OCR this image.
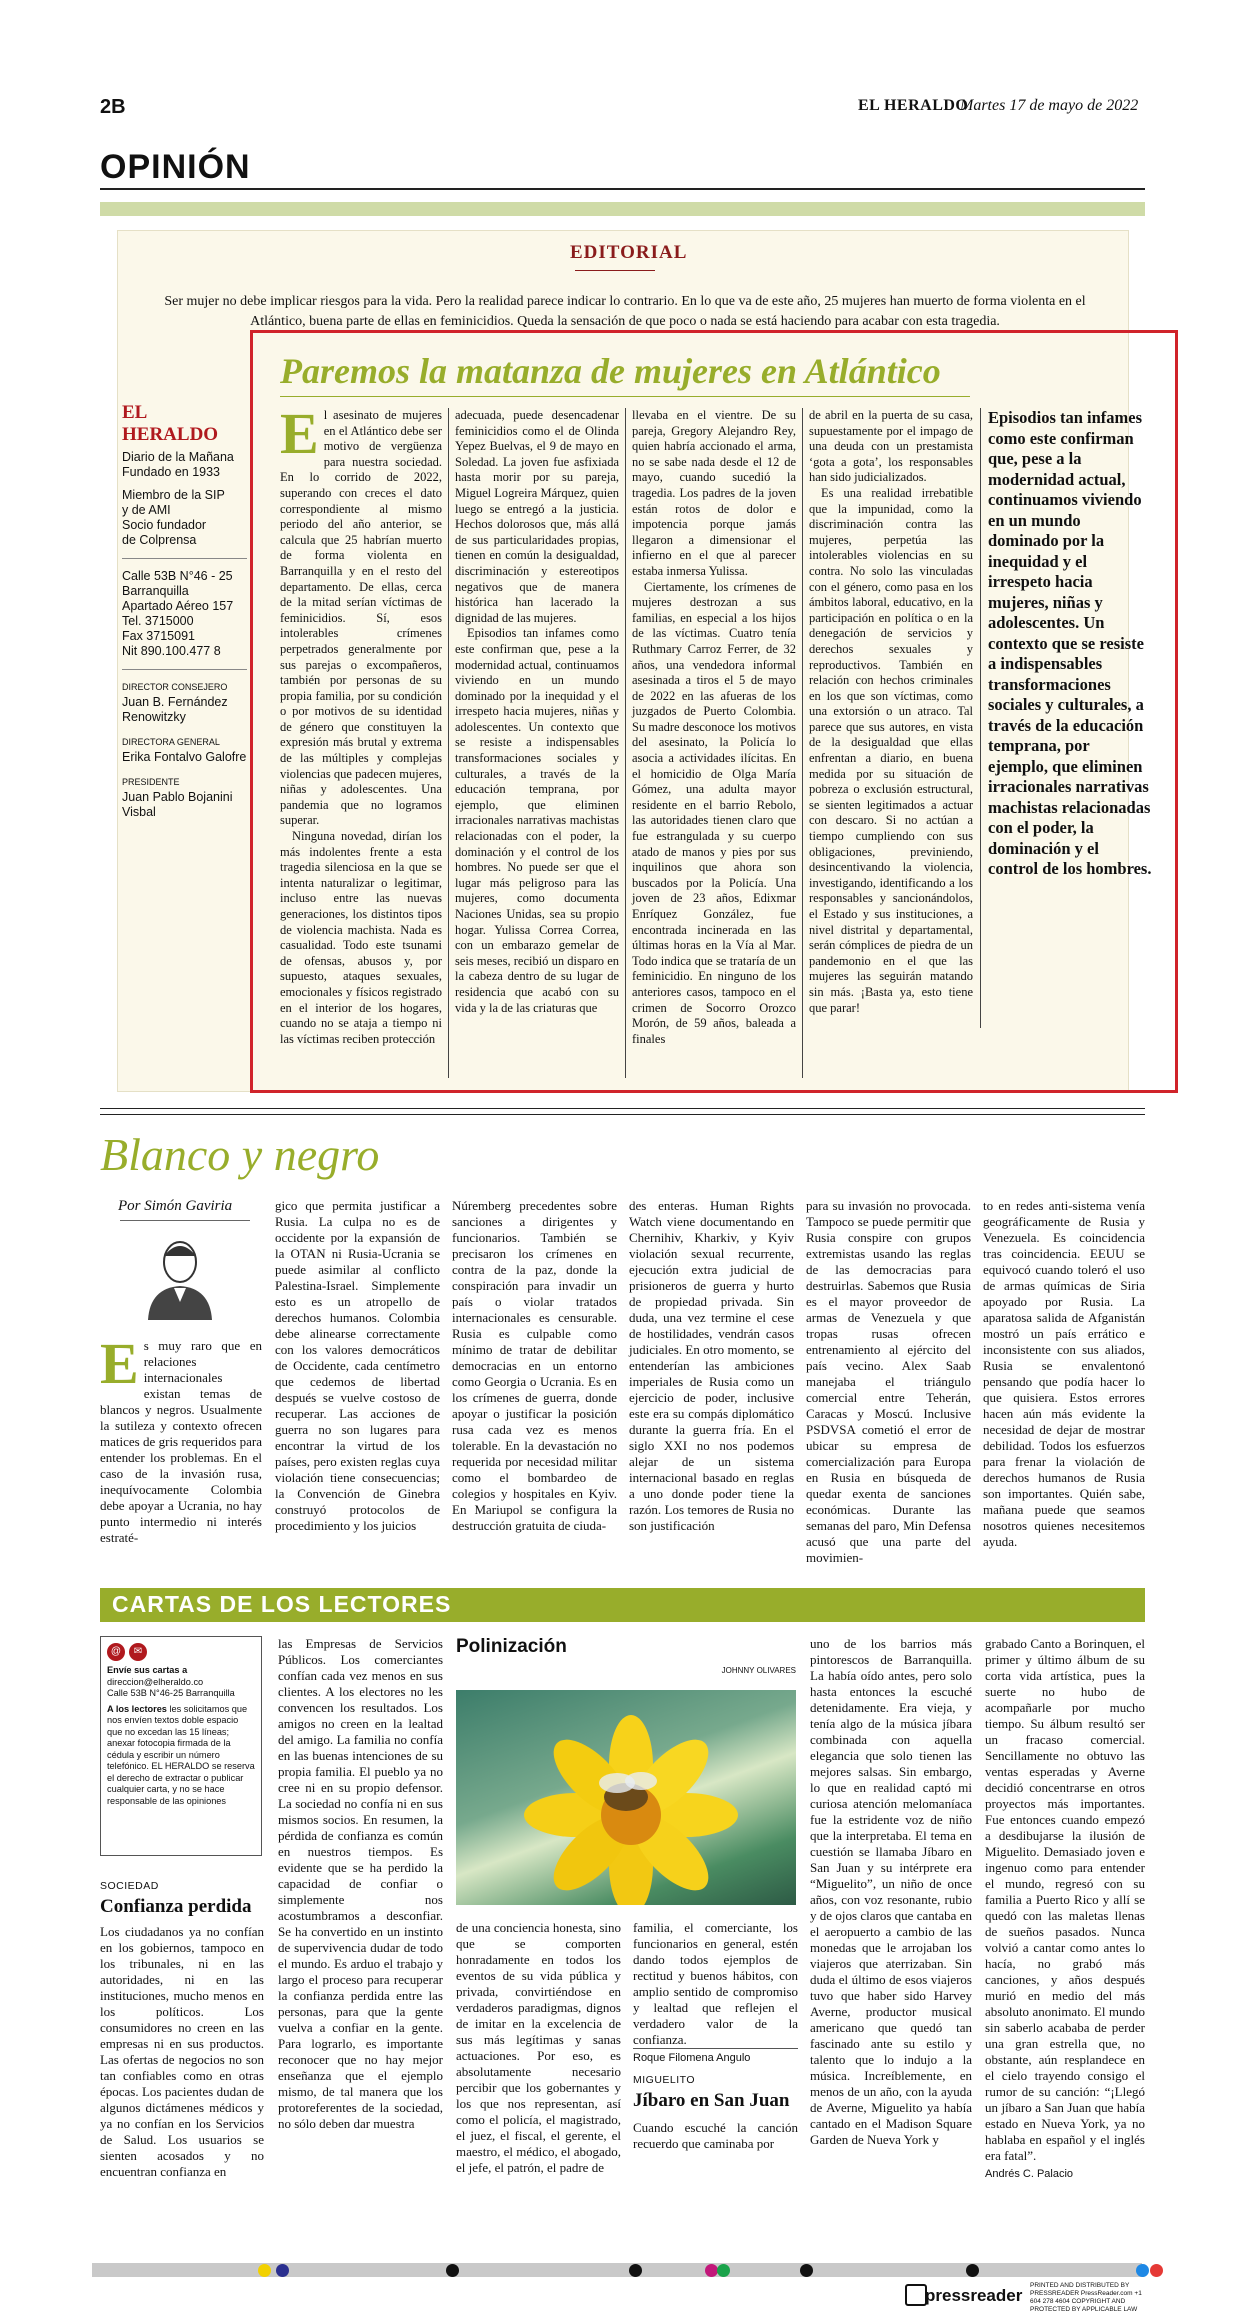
2B	EL HERALDO
Martes 17 de mayo de 2022
OPINIÓN
EDITORIAL
Ser mujer no debe implicar riesgos para la vida. Pero la realidad parece indicar lo contrario. En lo que va de este año, 25 mujeres han muerto de forma violenta en el Atlántico, buena parte de ellas en feminicidios. Queda la sensación de que poco o nada se está haciendo para acabar con esta tragedia.
Paremos la matanza de mujeres en Atlántico
EL HERALDO
Diario de la Mañana
Fundado en 1933
Miembro de la SIP
y de AMI
Socio fundador
de Colprensa
Calle 53B N°46 - 25
Barranquilla
Apartado Aéreo 157
Tel. 3715000
Fax 3715091
Nit 890.100.477 8
DIRECTOR CONSEJERO
Juan B. Fernández Renowitzky
DIRECTORA GENERAL
Erika Fontalvo Galofre
PRESIDENTE
Juan Pablo Bojanini Visbal

El asesinato de mujeres en el Atlántico debe ser motivo de vergüenza para nuestra sociedad. En lo corrido de 2022, superando con creces el dato correspondiente al mismo periodo del año anterior, se calcula que 25 habrían muerto de forma violenta en Barranquilla y en el resto del departamento. De ellas, cerca de la mitad serían víctimas de feminicidios. Sí, esos intolerables crímenes perpetrados generalmente por sus parejas o excompañeros, también por personas de su propia familia, por su condición o por motivos de su identidad de género que constituyen la expresión más brutal y extrema de las múltiples y complejas violencias que padecen mujeres, niñas y adolescentes. Una pandemia que no logramos superar.

Ninguna novedad, dirían los más indolentes frente a esta tragedia silenciosa en la que se intenta naturalizar o legitimar, incluso entre las nuevas generaciones, los distintos tipos de violencia machista. Nada es casualidad. Todo este tsunami de ofensas, abusos y, por supuesto, ataques sexuales, emocionales y físicos registrado en el interior de los hogares, cuando no se ataja a tiempo ni las víctimas reciben protección

adecuada, puede desencadenar feminicidios como el de Olinda Yepez Buelvas, el 9 de mayo en Soledad. La joven fue asfixiada hasta morir por su pareja, Miguel Logreira Márquez, quien luego se entregó a la justicia. Hechos dolorosos que, más allá de sus particularidades propias, tienen en común la desigualdad, discriminación y estereotipos negativos que de manera histórica han lacerado la dignidad de las mujeres.

Episodios tan infames como este confirman que, pese a la modernidad actual, continuamos viviendo en un mundo dominado por la inequidad y el irrespeto hacia mujeres, niñas y adolescentes. Un contexto que se resiste a indispensables transformaciones sociales y culturales, a través de la educación temprana, por ejemplo, que eliminen irracionales narrativas machistas relacionadas con el poder, la dominación y el control de los hombres. No puede ser que el lugar más peligroso para las mujeres, como documenta Naciones Unidas, sea su propio hogar. Yulissa Correa Correa, con un embarazo gemelar de seis meses, recibió un disparo en la cabeza dentro de su lugar de residencia que acabó con su vida y la de las criaturas que

llevaba en el vientre. De su pareja, Gregory Alejandro Rey, quien habría accionado el arma, no se sabe nada desde el 12 de mayo, cuando sucedió la tragedia. Los padres de la joven están rotos de dolor e impotencia porque jamás llegaron a dimensionar el infierno en el que al parecer estaba inmersa Yulissa.

Ciertamente, los crímenes de mujeres destrozan a sus familias, en especial a los hijos de las víctimas. Cuatro tenía Ruthmary Carroz Ferrer, de 32 años, una vendedora informal asesinada a tiros el 5 de mayo de 2022 en las afueras de los juzgados de Puerto Colombia. Su madre desconoce los motivos del asesinato, la Policía lo asocia a actividades ilícitas. En el homicidio de Olga María Gómez, una adulta mayor residente en el barrio Rebolo, las autoridades tienen claro que fue estrangulada y su cuerpo atado de manos y pies por sus inquilinos que ahora son buscados por la Policía. Una joven de 23 años, Edixmar Enríquez González, fue encontrada incinerada en las últimas horas en la Vía al Mar. Todo indica que se trataría de un feminicidio. En ninguno de los anteriores casos, tampoco en el crimen de Socorro Orozco Morón, de 59 años, baleada a finales

de abril en la puerta de su casa, supuestamente por el impago de una deuda con un prestamista ‘gota a gota’, los responsables han sido judicializados.

Es una realidad irrebatible que la impunidad, como la discriminación contra las mujeres, perpetúa las intolerables violencias en su contra. No solo las vinculadas con el género, como pasa en los ámbitos laboral, educativo, en la participación en política o en la denegación de servicios y derechos sexuales y reproductivos. También en relación con hechos criminales en los que son víctimas, como una extorsión o un atraco. Tal parece que sus autores, en vista de la desigualdad que ellas enfrentan a diario, en buena medida por su situación de pobreza o exclusión estructural, se sienten legitimados a actuar con descaro. Si no actúan a tiempo cumpliendo con sus obligaciones, previniendo, desincentivando la violencia, investigando, identificando a los responsables y sancionándolos, el Estado y sus instituciones, a nivel distrital y departamental, serán cómplices de piedra de un pandemonio en el que las mujeres las seguirán matando sin más. ¡Basta ya, esto tiene que parar!

Episodios tan infames como este confirman que, pese a la modernidad actual, continuamos viviendo en un mundo dominado por la inequidad y el irrespeto hacia mujeres, niñas y adolescentes. Un contexto que se resiste a indispensables transformaciones sociales y culturales, a través de la educación temprana, por ejemplo, que eliminen irracionales narrativas machistas relacionadas con el poder, la dominación y el control de los hombres.
Blanco y negro
Por Simón Gaviria

Es muy raro que en relaciones internacionales existan temas de blancos y negros. Usualmente la sutileza y contexto ofrecen matices de gris requeridos para entender los problemas. En el caso de la invasión rusa, inequívocamente Colombia debe apoyar a Ucrania, no hay punto intermedio ni interés estraté-

gico que permita justificar a Rusia. La culpa no es de occidente por la expansión de la OTAN ni Rusia-Ucrania se puede asimilar al conflicto Palestina-Israel. Simplemente esto es un atropello de derechos humanos. Colombia debe alinearse correctamente con los valores democráticos de Occidente, cada centímetro que cedemos de libertad después se vuelve costoso de recuperar. Las acciones de guerra no son lugares para encontrar la virtud de los países, pero existen reglas cuya violación tiene consecuencias; la Convención de Ginebra construyó protocolos de procedimiento y los juicios
Núremberg precedentes sobre sanciones a dirigentes y funcionarios. También se precisaron los crímenes en contra de la paz, donde la conspiración para invadir un país o violar tratados internacionales es censurable. Rusia es culpable como mínimo de tratar de debilitar democracias en un entorno como Georgia o Ucrania. Es en los crímenes de guerra, donde apoyar o justificar la posición rusa cada vez es menos tolerable. En la devastación no requerida por necesidad militar como el bombardeo de colegios y hospitales en Kyiv. En Mariupol se configura la destrucción gratuita de ciuda-
des enteras. Human Rights Watch viene documentando en Chernihiv, Kharkiv, y Kyiv violación sexual recurrente, ejecución extra judicial de prisioneros de guerra y hurto de propiedad privada. Sin duda, una vez termine el cese de hostilidades, vendrán casos judiciales. En otro momento, se entenderían las ambiciones imperiales de Rusia como un ejercicio de poder, inclusive este era su compás diplomático durante la guerra fría. En el siglo XXI no nos podemos alejar de un sistema internacional basado en reglas a uno donde poder tiene la razón. Los temores de Rusia no son justificación
para su invasión no provocada. Tampoco se puede permitir que Rusia conspire con grupos extremistas usando las reglas de las democracias para destruirlas. Sabemos que Rusia es el mayor proveedor de armas de Venezuela y que tropas rusas ofrecen entrenamiento al ejército del país vecino. Alex Saab manejaba el triángulo comercial entre Teherán, Caracas y Moscú. Inclusive PSDVSA cometió el error de ubicar su empresa de comercialización para Europa en Rusia en búsqueda de quedar exenta de sanciones económicas. Durante las semanas del paro, Min Defensa acusó que una parte del movimien-
to en redes anti-sistema venía geográficamente de Rusia y Venezuela. Es coincidencia tras coincidencia. EEUU se equivocó cuando toleró el uso de armas químicas de Siria apoyado por Rusia. La aparatosa salida de Afganistán mostró un país errático e inconsistente con sus aliados, Rusia se envalentonó pensando que podía hacer lo que quisiera. Estos errores hacen aún más evidente la necesidad de dejar de mostrar debilidad. Todos los esfuerzos para frenar la violación de derechos humanos de Rusia son importantes. Quién sabe, mañana puede que seamos nosotros quienes necesitemos ayuda.
CARTAS DE LOS LECTORES
@ ✉
Envíe sus cartas a
direccion@elheraldo.co
Calle 53B N°46-25 Barranquilla
A los lectores les solicitamos que nos envíen textos doble espacio que no excedan las 15 líneas; anexar fotocopia firmada de la cédula y escribir un número telefónico. EL HERALDO se reserva el derecho de extractar o publicar cualquier carta, y no se hace responsable de las opiniones
SOCIEDAD
Confianza perdida
Los ciudadanos ya no confían en los gobiernos, tampoco en los tribunales, ni en las autoridades, ni en las instituciones, mucho menos en los políticos. Los consumidores no creen en las empresas ni en sus productos. Las ofertas de negocios no son tan confiables como en otras épocas. Los pacientes dudan de algunos dictámenes médicos y ya no confían en los Servicios de Salud. Los usuarios se sienten acosados y no encuentran confianza en
las Empresas de Servicios Públicos. Los comerciantes confían cada vez menos en sus clientes. A los electores no les convencen los resultados. Los amigos no creen en la lealtad del amigo. La familia no confía en las buenas intenciones de su propia familia. El pueblo ya no cree ni en su propio defensor. La sociedad no confía ni en sus mismos socios. En resumen, la pérdida de confianza es común en nuestros tiempos. Es evidente que se ha perdido la capacidad de confiar o simplemente nos acostumbramos a desconfiar. Se ha convertido en un instinto de supervivencia dudar de todo el mundo. Es arduo el trabajo y largo el proceso para recuperar la confianza perdida entre las personas, para que la gente vuelva a confiar en la gente. Para lograrlo, es importante reconocer que no hay mejor enseñanza que el ejemplo mismo, de tal manera que los protoreferentes de la sociedad, no sólo deben dar muestra
Polinización
JOHNNY OLIVARES
de una conciencia honesta, sino que se comporten honradamente en todos los eventos de su vida pública y privada, convirtiéndose en verdaderos paradigmas, dignos de imitar en la excelencia de sus más legítimas y sanas actuaciones. Por eso, es absolutamente necesario percibir que los gobernantes y los que nos representan, así como el policía, el magistrado, el juez, el fiscal, el gerente, el maestro, el médico, el abogado, el jefe, el patrón, el padre de
familia, el comerciante, los funcionarios en general, estén dando todos ejemplos de rectitud y buenos hábitos, con amplio sentido de compromiso y lealtad que reflejen el verdadero valor de la confianza.
Roque Filomena Angulo
MIGUELITO
Jíbaro en San Juan
Cuando escuché la canción recuerdo que caminaba por
uno de los barrios más pintorescos de Barranquilla. La había oído antes, pero solo hasta entonces la escuché detenidamente. Era vieja, y tenía algo de la música jíbara combinada con aquella elegancia que solo tienen las mejores salsas. Sin embargo, lo que en realidad captó mi curiosa atención melomaníaca fue la estridente voz de niño que la interpretaba. El tema en cuestión se llamaba Jíbaro en San Juan y su intérprete era “Miguelito”, un niño de once años, con voz resonante, rubio y de ojos claros que cantaba en el aeropuerto a cambio de las monedas que le arrojaban los viajeros que aterrizaban. Sin duda el último de esos viajeros tuvo que haber sido Harvey Averne, productor musical americano que quedó tan fascinado ante su estilo y talento que lo indujo a la música. Increíblemente, en menos de un año, con la ayuda de Averne, Miguelito ya había cantado en el Madison Square Garden de Nueva York y
grabado Canto a Borinquen, el primer y último álbum de su corta vida artística, pues la suerte no hubo de acompañarle por mucho tiempo. Su álbum resultó ser un fracaso comercial. Sencillamente no obtuvo las ventas esperadas y Averne decidió concentrarse en otros proyectos más importantes. Fue entonces cuando empezó a desdibujarse la ilusión de Miguelito. Demasiado joven e ingenuo como para entender el mundo, regresó con su familia a Puerto Rico y allí se quedó con las maletas llenas de sueños pasados. Nunca volvió a cantar como antes lo hacía, no grabó más canciones, y años después murió en medio del más absoluto anonimato. El mundo sin saberlo acababa de perder una gran estrella que, no obstante, aún resplandece en el cielo trayendo consigo el rumor de su canción: “¡Llegó un jíbaro a San Juan que había estado en Nueva York, ya no hablaba en español y el inglés era fatal”.
Andrés C. Palacio
pressreader
PRINTED AND DISTRIBUTED BY PRESSREADER PressReader.com +1 604 278 4604 COPYRIGHT AND PROTECTED BY APPLICABLE LAW
